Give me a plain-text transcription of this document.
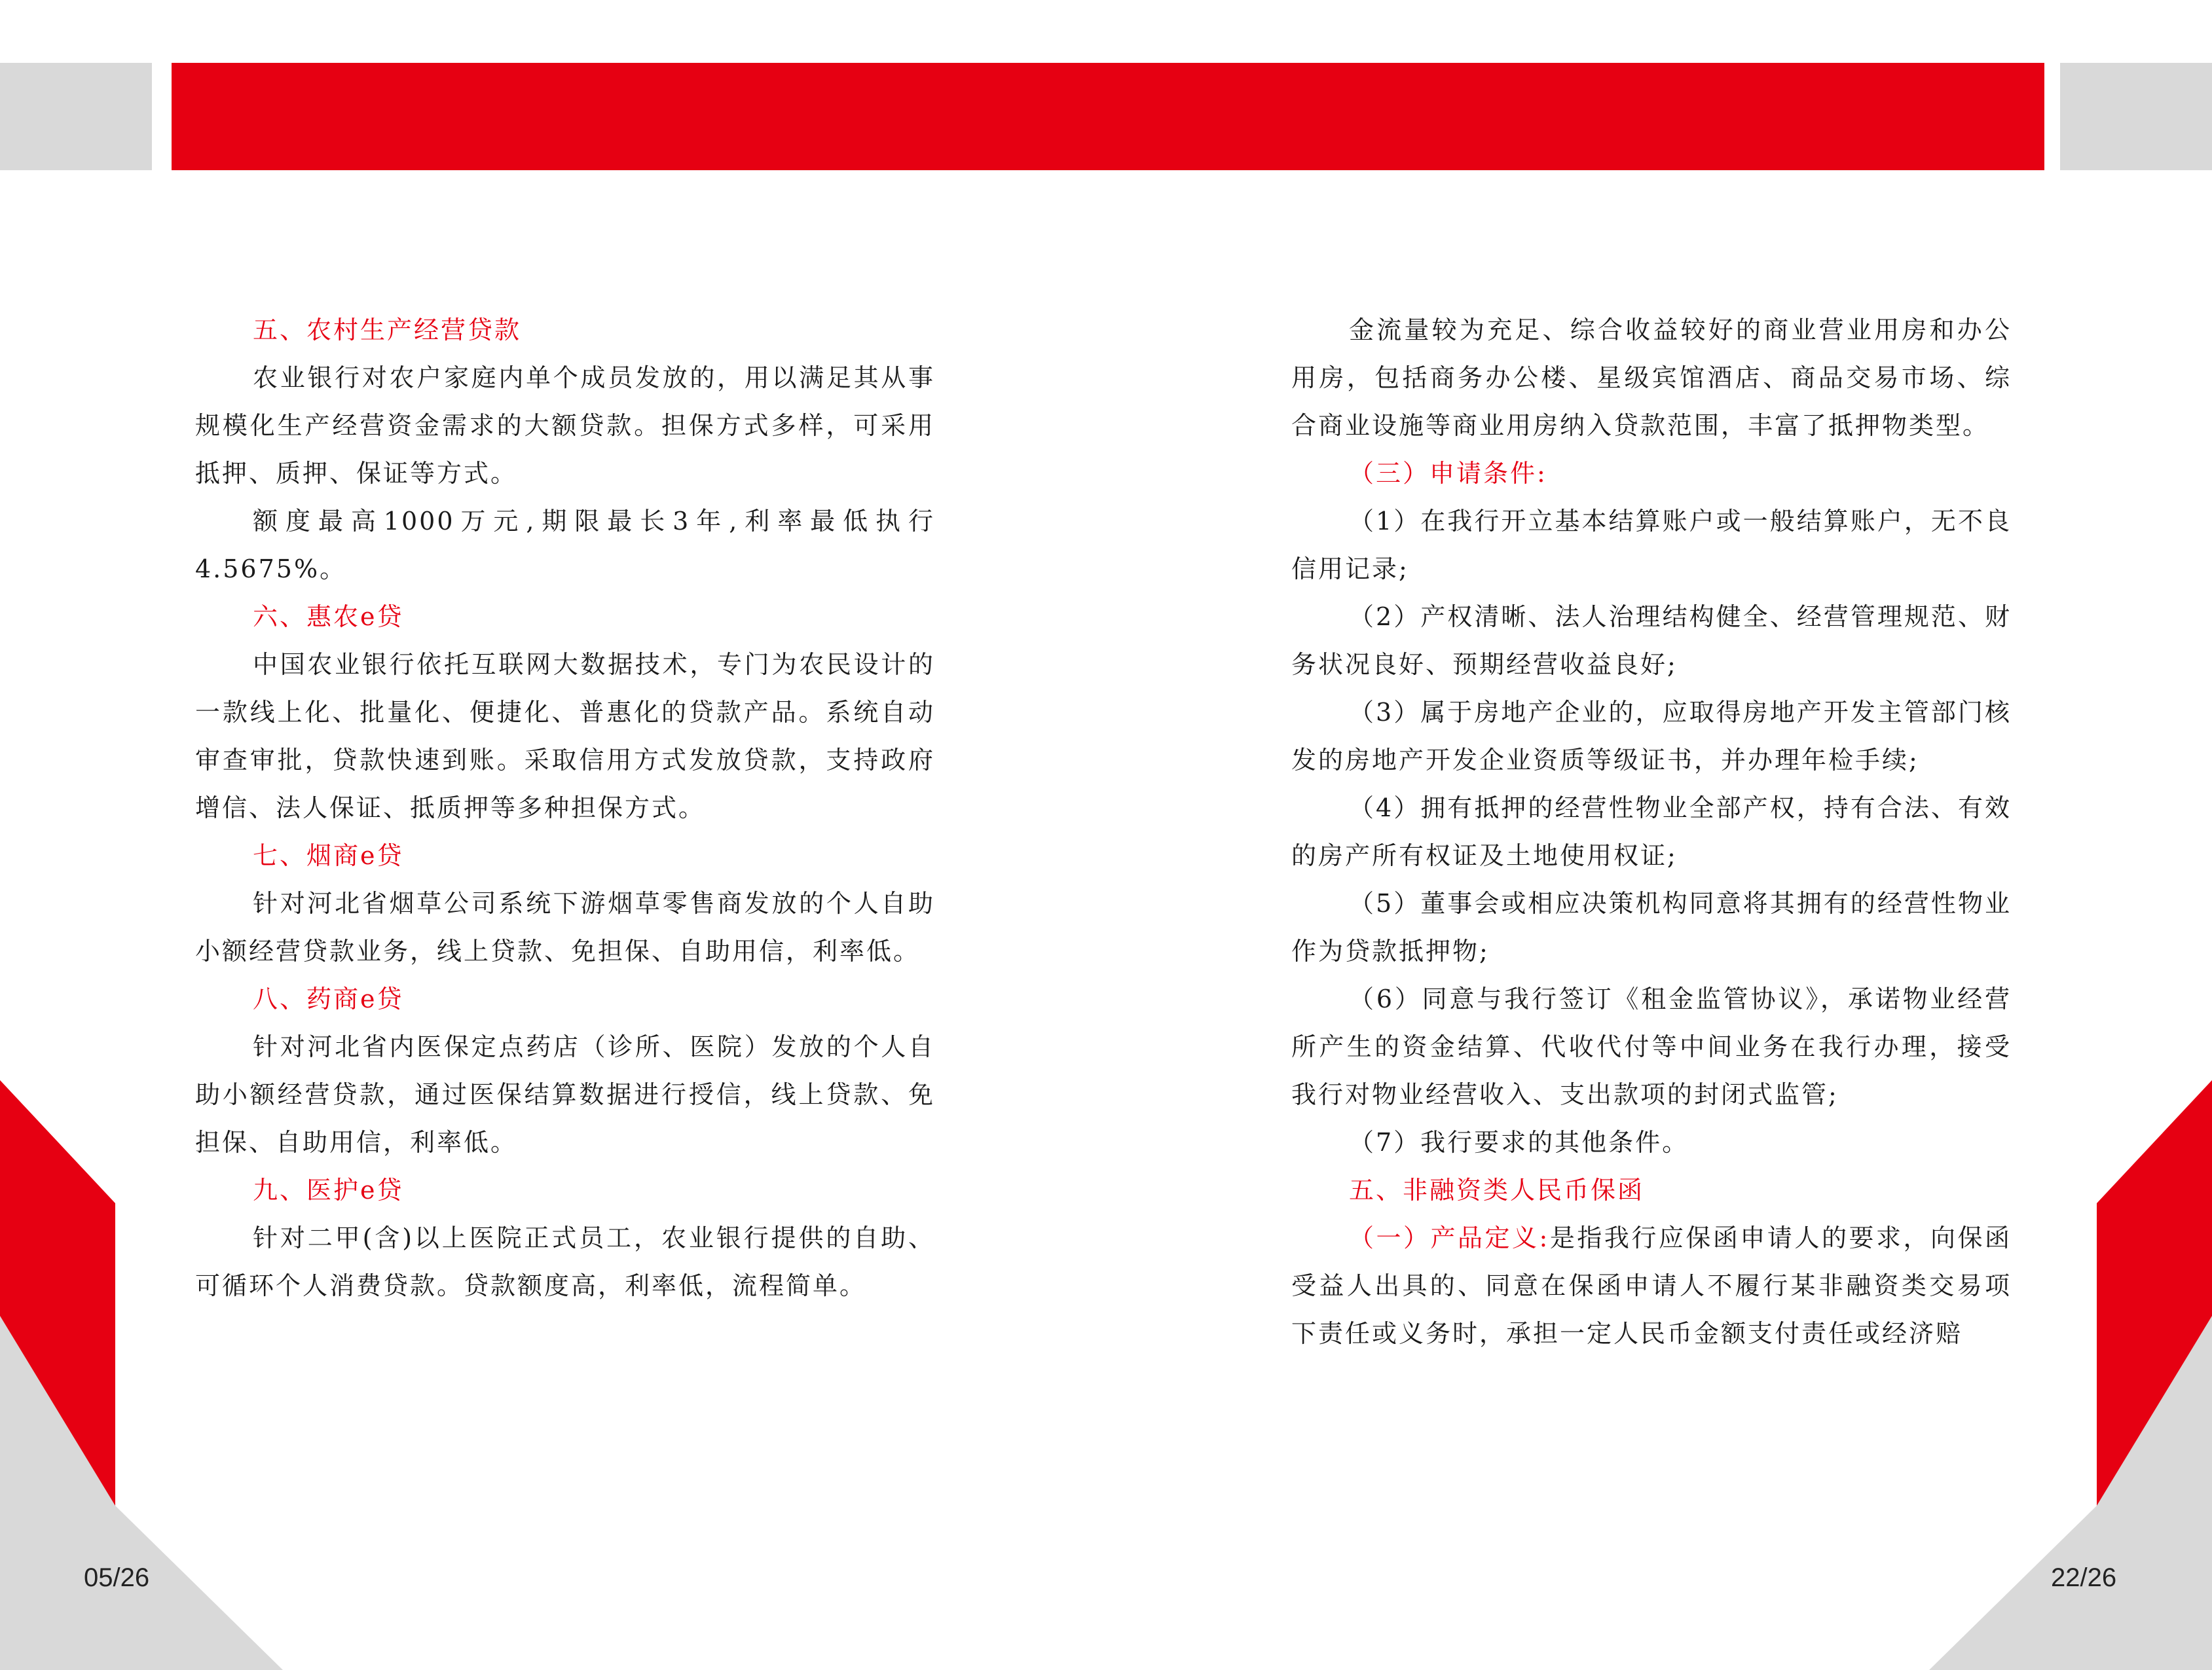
五、农村生产经营贷款

农业银行对农户家庭内单个成员发放的，用以满足其从事规模化生产经营资金需求的大额贷款。担保方式多样，可采用抵押、质押、保证等方式。

额度最高1000万元,期限最长3年,利率最低执行4.5675%。

六、惠农e贷

中国农业银行依托互联网大数据技术，专门为农民设计的一款线上化、批量化、便捷化、普惠化的贷款产品。系统自动审查审批，贷款快速到账。采取信用方式发放贷款，支持政府增信、法人保证、抵质押等多种担保方式。

七、烟商e贷

针对河北省烟草公司系统下游烟草零售商发放的个人自助小额经营贷款业务，线上贷款、免担保、自助用信，利率低。

八、药商e贷

针对河北省内医保定点药店（诊所、医院）发放的个人自助小额经营贷款，通过医保结算数据进行授信，线上贷款、免担保、自助用信，利率低。

九、医护e贷

针对二甲(含)以上医院正式员工，农业银行提供的自助、可循环个人消费贷款。贷款额度高，利率低，流程简单。

金流量较为充足、综合收益较好的商业营业用房和办公用房，包括商务办公楼、星级宾馆酒店、商品交易市场、综合商业设施等商业用房纳入贷款范围，丰富了抵押物类型。

（三）申请条件:

（1）在我行开立基本结算账户或一般结算账户，无不良信用记录;

（2）产权清晰、法人治理结构健全、经营管理规范、财务状况良好、预期经营收益良好;

（3）属于房地产企业的，应取得房地产开发主管部门核发的房地产开发企业资质等级证书，并办理年检手续;

（4）拥有抵押的经营性物业全部产权，持有合法、有效的房产所有权证及土地使用权证;

（5）董事会或相应决策机构同意将其拥有的经营性物业作为贷款抵押物;

（6）同意与我行签订《租金监管协议》，承诺物业经营所产生的资金结算、代收代付等中间业务在我行办理，接受我行对物业经营收入、支出款项的封闭式监管;

（7）我行要求的其他条件。

五、非融资类人民币保函

（一）产品定义:是指我行应保函申请人的要求，向保函受益人出具的、同意在保函申请人不履行某非融资类交易项下责任或义务时，承担一定人民币金额支付责任或经济赔

05/26	22/26
